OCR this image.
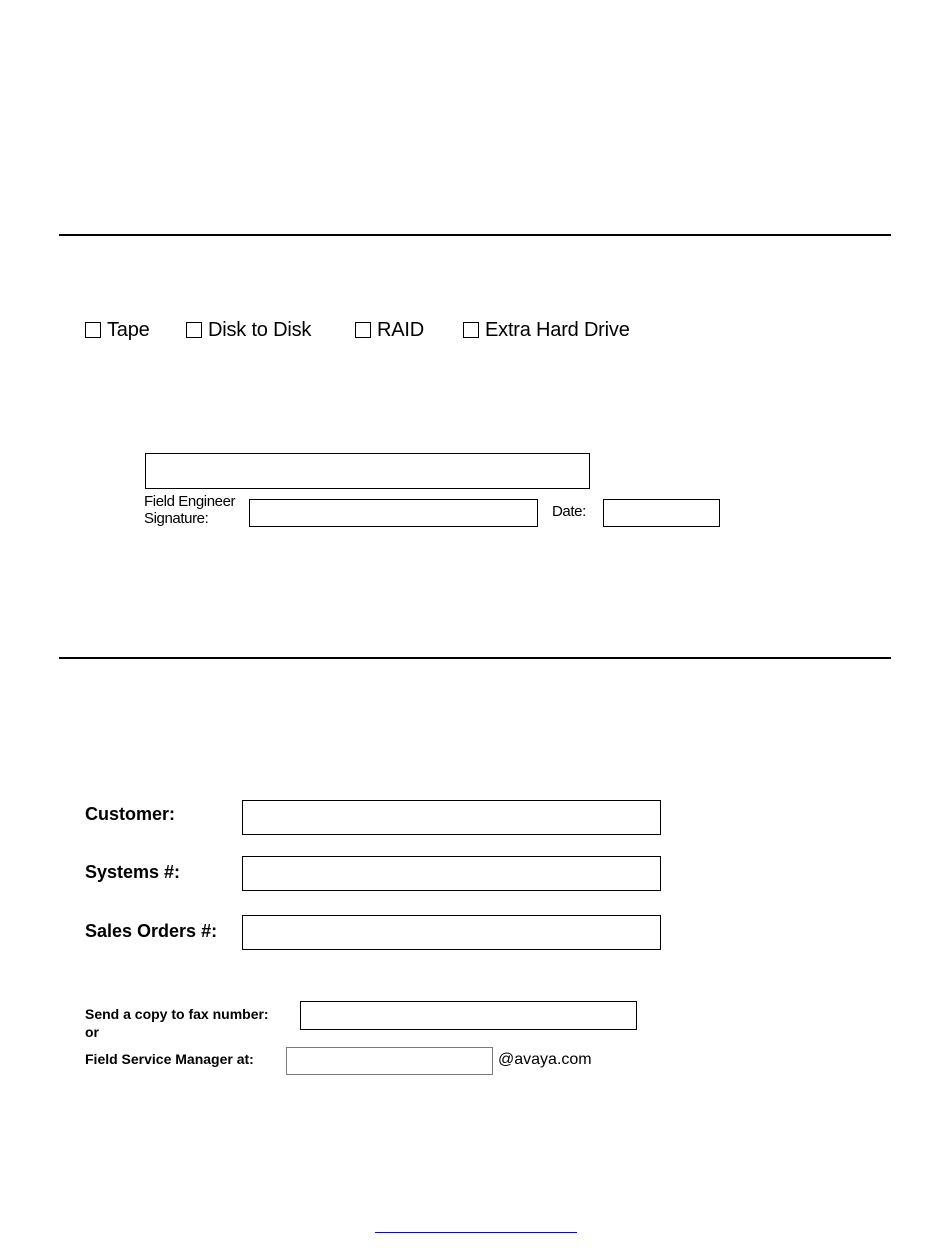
Tape	Disk to Disk	RAID	Extra Hard Drive
Field Engineer
Signature:	Date:
Customer:
Systems #:
Sales Orders #:
Send a copy to fax number:
or
Field Service Manager at:	@avaya.com
